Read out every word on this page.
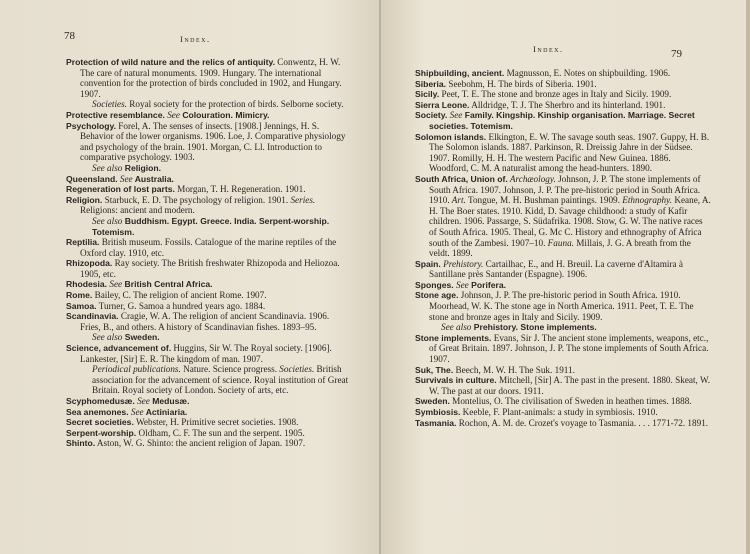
78	Index.

Protection of wild nature and the relics of antiquity. Conwentz, H. W. The care of natural monuments. 1909. Hungary. The international convention for the protection of birds concluded in 1902, and Hungary. 1907.

Societies. Royal society for the protection of birds. Selborne society.

Protective resemblance. See Colouration. Mimicry.

Psychology. Forel, A. The senses of insects. [1908.] Jennings, H. S. Behavior of the lower organisms. 1906. Loe, J. Comparative physiology and psychology of the brain. 1901. Morgan, C. Ll. Introduction to comparative psychology. 1903.

See also Religion.

Queensland. See Australia.

Regeneration of lost parts. Morgan, T. H. Regeneration. 1901.

Religion. Starbuck, E. D. The psychology of religion. 1901. Series. Religions: ancient and modern.

See also Buddhism. Egypt. Greece. India. Serpent-worship. Totemism.

Reptilia. British museum. Fossils. Catalogue of the marine reptiles of the Oxford clay. 1910, etc.

Rhizopoda. Ray society. The British freshwater Rhizopoda and Heliozoa. 1905, etc.

Rhodesia. See British Central Africa.

Rome. Bailey, C. The religion of ancient Rome. 1907.

Samoa. Turner, G. Samoa a hundred years ago. 1884.

Scandinavia. Cragie, W. A. The religion of ancient Scandinavia. 1906. Fries, B., and others. A history of Scandinavian fishes. 1893–95.

See also Sweden.

Science, advancement of. Huggins, Sir W. The Royal society. [1906]. Lankester, [Sir] E. R. The kingdom of man. 1907.

Periodical publications. Nature. Science progress. Societies. British association for the advancement of science. Royal institution of Great Britain. Royal society of London. Society of arts, etc.

Scyphomedusæ. See Medusæ.

Sea anemones. See Actiniaria.

Secret societies. Webster, H. Primitive secret societies. 1908.

Serpent-worship. Oldham, C. F. The sun and the serpent. 1905.

Shinto. Aston, W. G. Shinto: the ancient religion of Japan. 1907.

Index.	79

Shipbuilding, ancient. Magnusson, E. Notes on shipbuilding. 1906.

Siberia. Seebohm, H. The birds of Siberia. 1901.

Sicily. Peet, T. E. The stone and bronze ages in Italy and Sicily. 1909.

Sierra Leone. Alldridge, T. J. The Sherbro and its hinterland. 1901.

Society. See Family. Kingship. Kinship organisation. Marriage. Secret societies. Totemism.

Solomon islands. Elkington, E. W. The savage south seas. 1907. Guppy, H. B. The Solomon islands. 1887. Parkinson, R. Dreissig Jahre in der Südsee. 1907. Romilly, H. H. The western Pacific and New Guinea. 1886. Woodford, C. M. A naturalist among the head-hunters. 1890.

South Africa, Union of. Archæology. Johnson, J. P. The stone implements of South Africa. 1907. Johnson, J. P. The pre-historic period in South Africa. 1910. Art. Tongue, M. H. Bushman paintings. 1909. Ethnography. Keane, A. H. The Boer states. 1910. Kidd, D. Savage childhood: a study of Kafir children. 1906. Passarge, S. Südafrika. 1908. Stow, G. W. The native races of South Africa. 1905. Theal, G. Mc C. History and ethnography of Africa south of the Zambesi. 1907–10. Fauna. Millais, J. G. A breath from the veldt. 1899.

Spain. Prehistory. Cartailhac, E., and H. Breuil. La caverne d'Altamira à Santillane près Santander (Espagne). 1906.

Sponges. See Porifera.

Stone age. Johnson, J. P. The pre-historic period in South Africa. 1910. Moorhead, W. K. The stone age in North America. 1911. Peet, T. E. The stone and bronze ages in Italy and Sicily. 1909.

See also Prehistory. Stone implements.

Stone implements. Evans, Sir J. The ancient stone implements, weapons, etc., of Great Britain. 1897. Johnson, J. P. The stone implements of South Africa. 1907.

Suk, The. Beech, M. W. H. The Suk. 1911.

Survivals in culture. Mitchell, [Sir] A. The past in the present. 1880. Skeat, W. W. The past at our doors. 1911.

Sweden. Montelius, O. The civilisation of Sweden in heathen times. 1888.

Symbiosis. Keeble, F. Plant-animals: a study in symbiosis. 1910.

Tasmania. Rochon, A. M. de. Crozet's voyage to Tasmania. . . . 1771-72. 1891.
